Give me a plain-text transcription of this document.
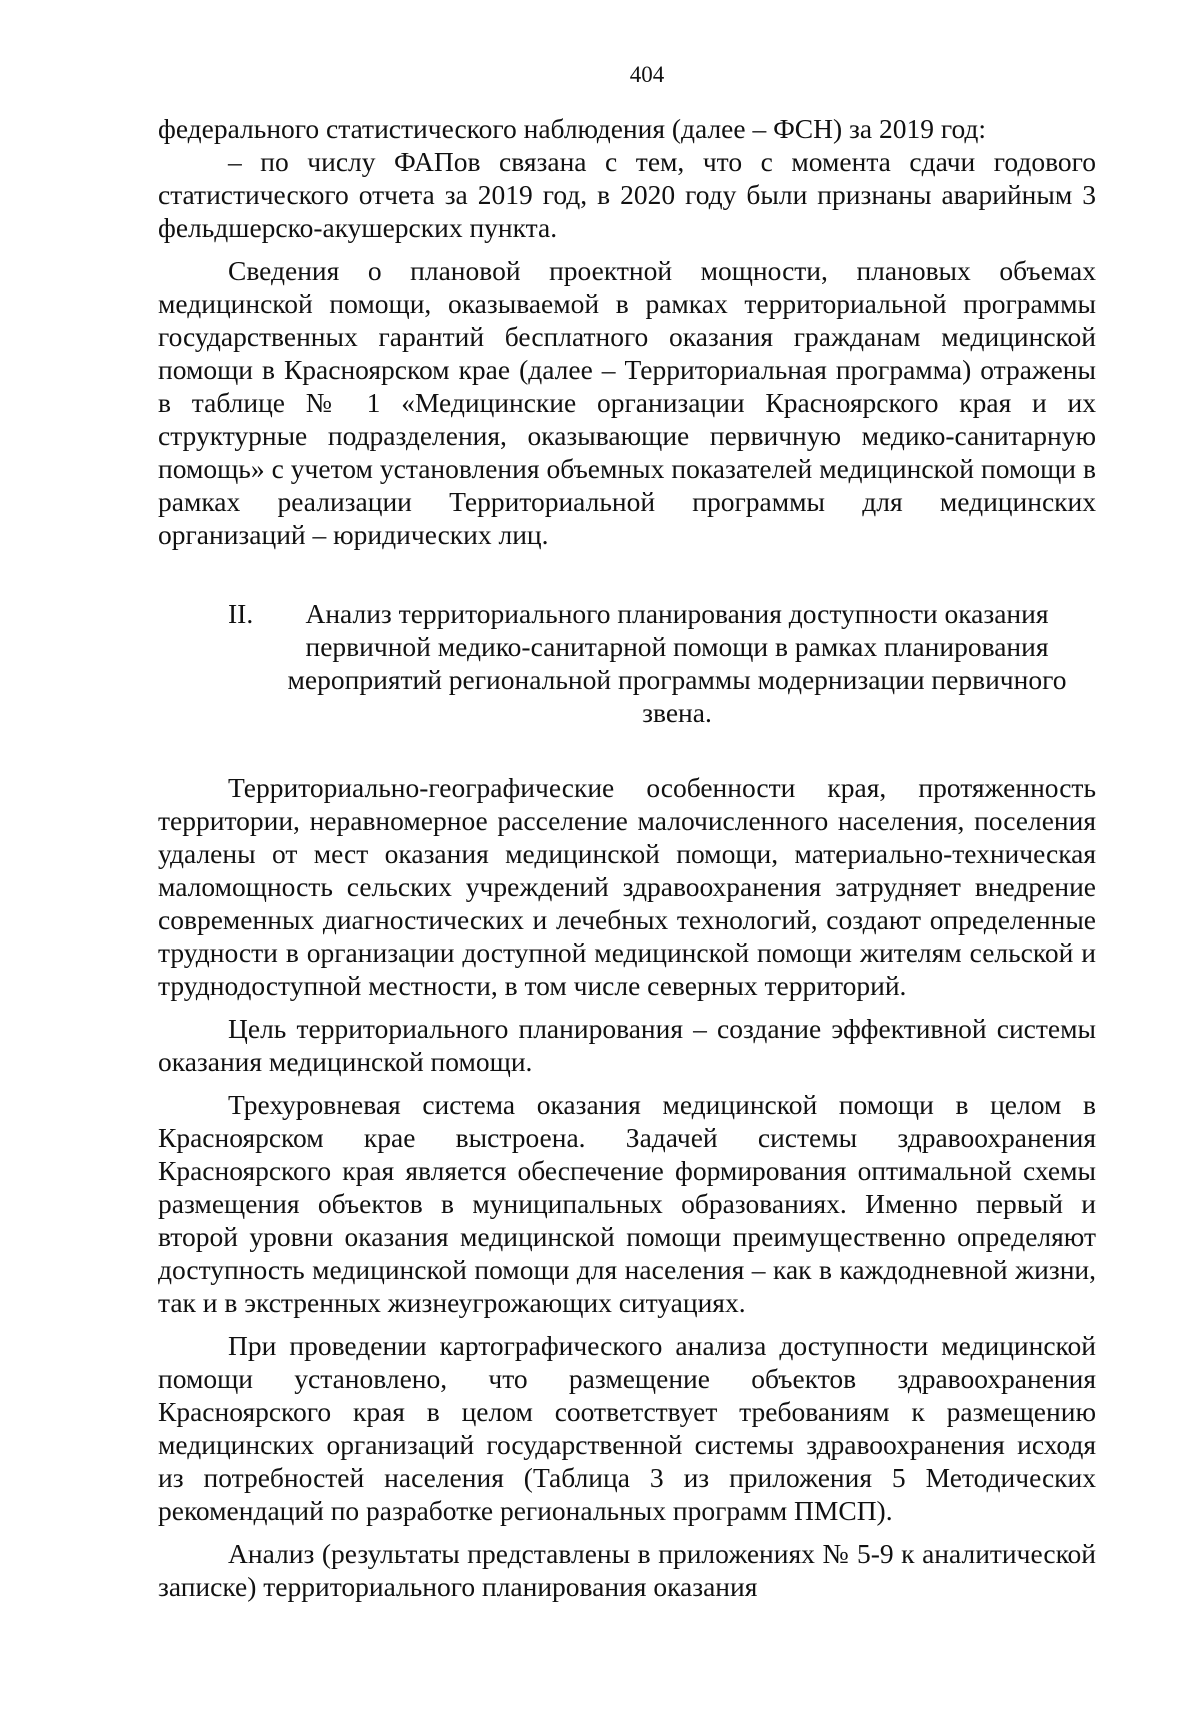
404

федерального статистического наблюдения (далее – ФСН) за 2019 год:

– по числу ФАПов связана с тем, что с момента сдачи годового статистического отчета за 2019 год, в 2020 году были признаны аварийным 3 фельдшерско-акушерских пункта.

Сведения о плановой проектной мощности, плановых объемах медицинской помощи, оказываемой в рамках территориальной программы государственных гарантий бесплатного оказания гражданам медицинской помощи в Красноярском крае (далее – Территориальная программа) отражены в таблице № 1 «Медицинские организации Красноярского края и их структурные подразделения, оказывающие первичную медико-санитарную помощь» с учетом установления объемных показателей медицинской помощи в рамках реализации Территориальной программы для медицинских организаций – юридических лиц.

II.	Анализ территориального планирования доступности оказания первичной медико-санитарной помощи в рамках планирования мероприятий региональной программы модернизации первичного звена.

Территориально-географические особенности края, протяженность территории, неравномерное расселение малочисленного населения, поселения удалены от мест оказания медицинской помощи, материально-техническая маломощность сельских учреждений здравоохранения затрудняет внедрение современных диагностических и лечебных технологий, создают определенные трудности в организации доступной медицинской помощи жителям сельской и труднодоступной местности, в том числе северных территорий.

Цель территориального планирования – создание эффективной системы оказания медицинской помощи.

Трехуровневая система оказания медицинской помощи в целом в Красноярском крае выстроена. Задачей системы здравоохранения Красноярского края является обеспечение формирования оптимальной схемы размещения объектов в муниципальных образованиях. Именно первый и второй уровни оказания медицинской помощи преимущественно определяют доступность медицинской помощи для населения – как в каждодневной жизни, так и в экстренных жизнеугрожающих ситуациях.

При проведении картографического анализа доступности медицинской помощи установлено, что размещение объектов здравоохранения Красноярского края в целом соответствует требованиям к размещению медицинских организаций государственной системы здравоохранения исходя из потребностей населения (Таблица 3 из приложения 5 Методических рекомендаций по разработке региональных программ ПМСП).

Анализ (результаты представлены в приложениях № 5-9 к аналитической записке) территориального планирования оказания
